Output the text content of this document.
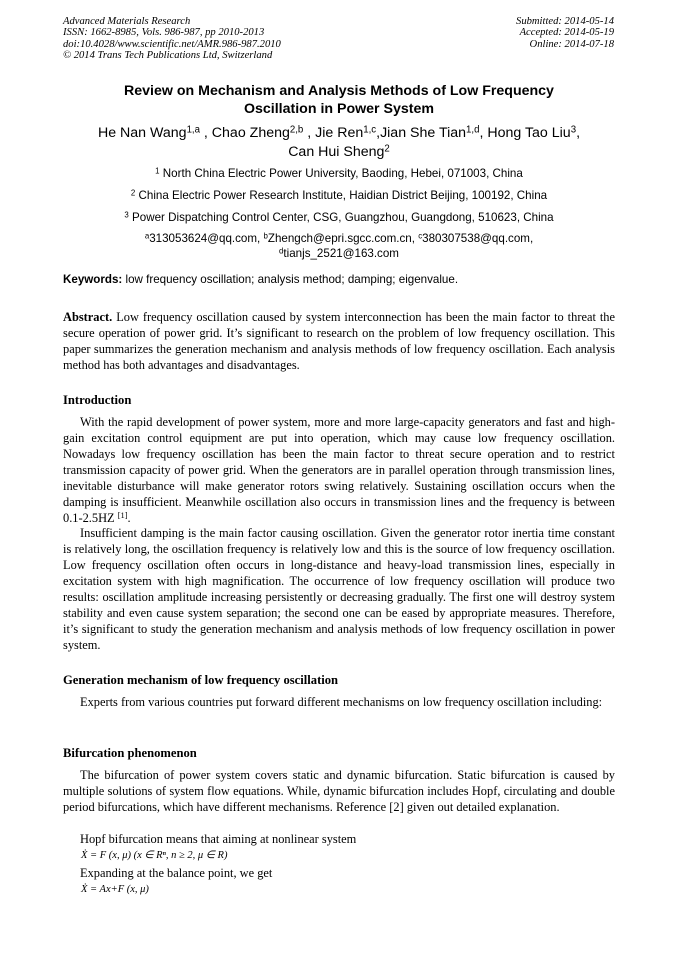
Advanced Materials Research
ISSN: 1662-8985, Vols. 986-987, pp 2010-2013
doi:10.4028/www.scientific.net/AMR.986-987.2010
© 2014 Trans Tech Publications Ltd, Switzerland
Submitted: 2014-05-14
Accepted: 2014-05-19
Online: 2014-07-18
Review on Mechanism and Analysis Methods of Low Frequency
Oscillation in Power System
He Nan Wang$^{1,a}$ , Chao Zheng$^{2,b}$ , Jie Ren$^{1,c}$,Jian She Tian$^{1,d}$, Hong Tao Liu$^3$,
Can Hui Sheng$^2$
$^1$ North China Electric Power University, Baoding, Hebei, 071003, China
$^2$ China Electric Power Research Institute, Haidian District Beijing, 100192, China
$^3$ Power Dispatching Control Center, CSG, Guangzhou, Guangdong, 510623, China
$^a$313053624@qq.com, $^b$Zhengch@epri.sgcc.com.cn, $^c$380307538@qq.com,
$^d$tianjs_2521@163.com
Keywords: low frequency oscillation; analysis method; damping; eigenvalue.

Abstract. Low frequency oscillation caused by system interconnection has been the main factor to threat the secure operation of power grid. It’s significant to research on the problem of low frequency oscillation. This paper summarizes the generation mechanism and analysis methods of low frequency oscillation. Each analysis method has both advantages and disadvantages.

Introduction

With the rapid development of power system, more and more large-capacity generators and fast and high-gain excitation control equipment are put into operation, which may cause low frequency oscillation. Nowadays low frequency oscillation has been the main factor to threat secure operation and to restrict transmission capacity of power grid. When the generators are in parallel operation through transmission lines, inevitable disturbance will make generator rotors swing relatively. Sustaining oscillation occurs when the damping is insufficient. Meanwhile oscillation also occurs in transmission lines and the frequency is between 0.1-2.5HZ [1].

Insufficient damping is the main factor causing oscillation. Given the generator rotor inertia time constant is relatively long, the oscillation frequency is relatively low and this is the source of low frequency oscillation. Low frequency oscillation often occurs in long-distance and heavy-load transmission lines, especially in excitation system with high magnification. The occurrence of low frequency oscillation will produce two results: oscillation amplitude increasing persistently or decreasing gradually. The first one will destroy system stability and even cause system separation; the second one can be eased by appropriate measures. Therefore, it’s significant to study the generation mechanism and analysis methods of low frequency oscillation in power system.

Generation mechanism of low frequency oscillation

Experts from various countries put forward different mechanisms on low frequency oscillation including:

Bifurcation phenomenon

The bifurcation of power system covers static and dynamic bifurcation. Static bifurcation is caused by multiple solutions of system flow equations. While, dynamic bifurcation includes Hopf, circulating and double period bifurcations, which have different mechanisms. Reference [2] given out detailed explanation.

Hopf bifurcation means that aiming at nonlinear system

Ẋ = F (x, μ) (x ∈ Rⁿ, n ≥ 2, μ ∈ R)

Expanding at the balance point, we get

Ẋ = Ax+F (x, μ)
